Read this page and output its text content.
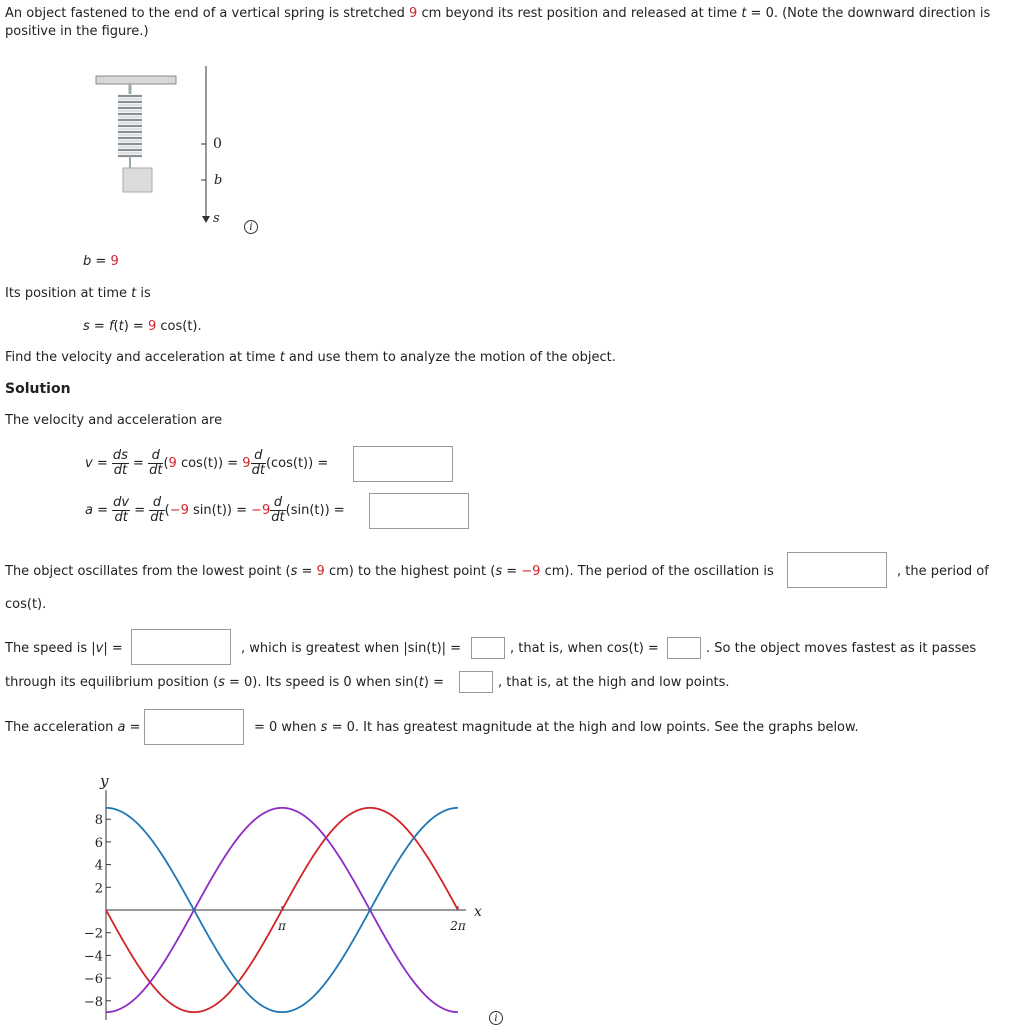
An object fastened to the end of a vertical spring is stretched 9 cm beyond its rest position and released at time t = 0. (Note the downward direction is
positive in the figure.)
0
b
s
i
b = 9
Its position at time t is
s = f(t) = 9 cos(t).
Find the velocity and acceleration at time t and use them to analyze the motion of the object.
Solution
The velocity and acceleration are
$v = \frac{ds}{dt} = \frac{d}{dt} (9$ $\cos(t)) = 9 \frac{d}{dt} (\cos(t))$ =
$a = \frac{dv}{dt} = \frac{d}{dt} (-9$ $\sin(t)) = -9 \frac{d}{dt} (\sin(t))$ =
The object oscillates from the lowest point (s = 9 cm) to the highest point (s = −9 cm). The period of the oscillation is	, the period of
cos(t).
The speed is |v| =	, which is greatest when |sin(t)| =	, that is, when cos(t) =	. So the object moves fastest as it passes
through its equilibrium position (s = 0). Its speed is 0 when sin(t) =	, that is, at the high and low points.
The acceleration a =	= 0 when s = 0. It has greatest magnitude at the high and low points. See the graphs below.
y
x
8
6
4
2
−2
−4
−6
−8
π	2π
i
